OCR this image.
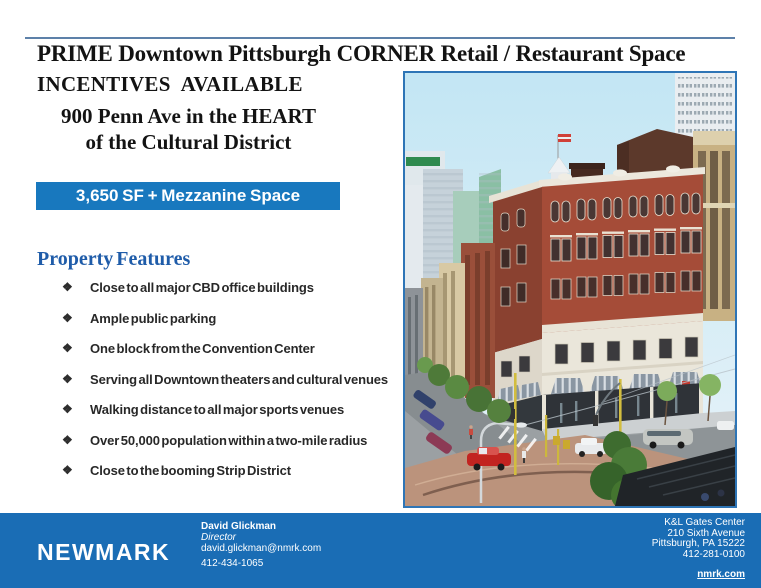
PRIME Downtown Pittsburgh CORNER Retail / Restaurant Space
INCENTIVES  AVAILABLE
900 Penn Ave in the HEART
of the Cultural District
3,650 SF + Mezzanine Space
Property Features
❖ Close to all major CBD office buildings
❖ Ample public parking
❖ One block from the Convention Center
❖ Serving all Downtown theaters and cultural venues
❖ Walking distance to all major sports venues
❖ Over 50,000 population within a two-mile radius
❖ Close to the booming Strip District
NEWMARK
David Glickman
Director
david.glickman@nmrk.com
412-434-1065
K&L Gates Center
210 Sixth Avenue
Pittsburgh, PA 15222
412-281-0100
nmrk.com
